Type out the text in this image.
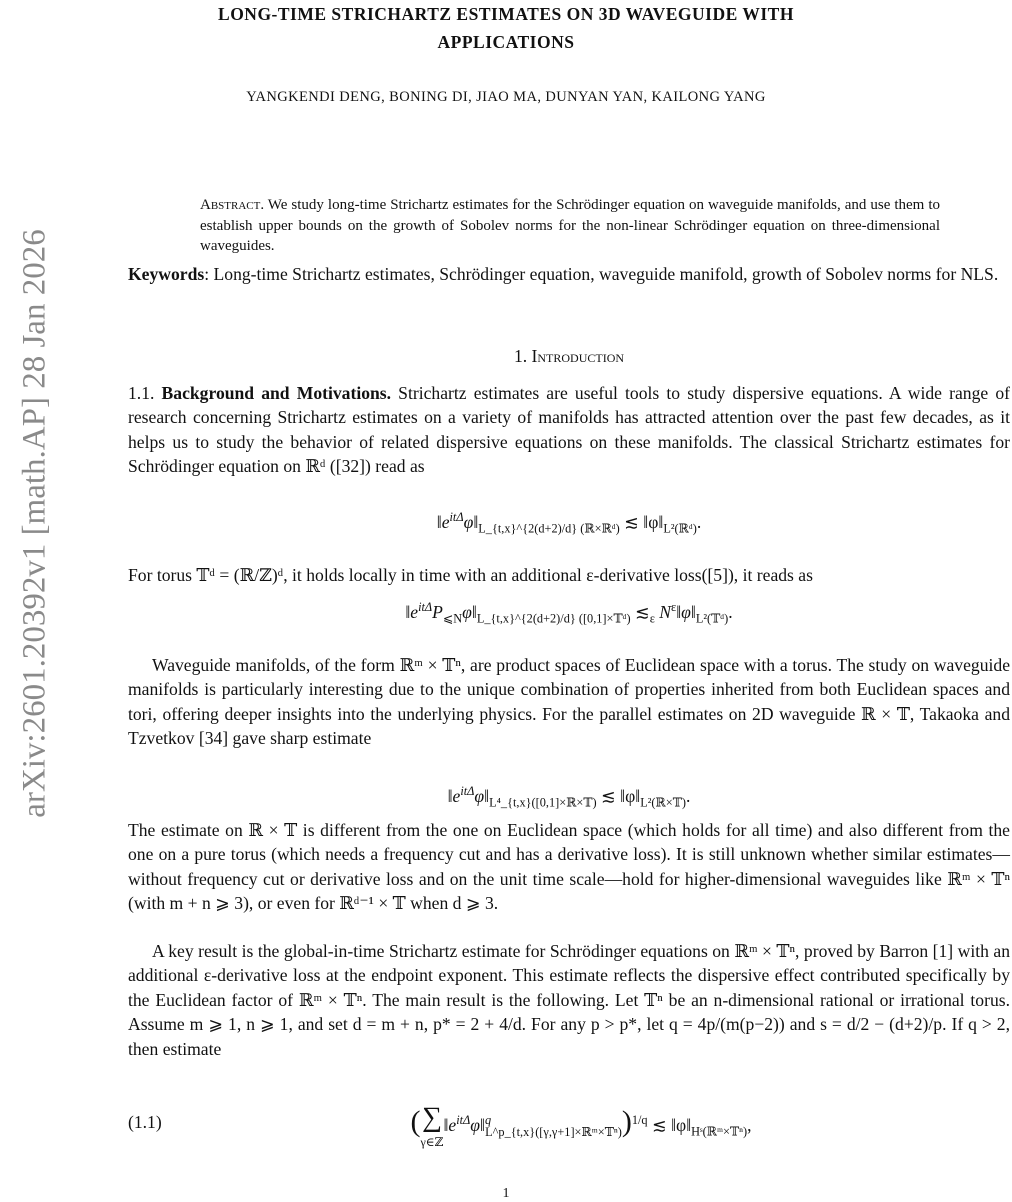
LONG-TIME STRICHARTZ ESTIMATES ON 3D WAVEGUIDE WITH
APPLICATIONS
YANGKENDI DENG, BONING DI, JIAO MA, DUNYAN YAN, KAILONG YANG
arXiv:2601.20392v1 [math.AP] 28 Jan 2026
Abstract. We study long-time Strichartz estimates for the Schrödinger equation on waveguide manifolds, and use them to establish upper bounds on the growth of Sobolev norms for the non-linear Schrödinger equation on three-dimensional waveguides.
Keywords: Long-time Strichartz estimates, Schrödinger equation, waveguide manifold, growth of Sobolev norms for NLS.
1. Introduction
1.1. Background and Motivations. Strichartz estimates are useful tools to study dispersive equations. A wide range of research concerning Strichartz estimates on a variety of manifolds has attracted attention over the past few decades, as it helps us to study the behavior of related dispersive equations on these manifolds. The classical Strichartz estimates for Schrödinger equation on ℝᵈ ([32]) read as
$‖e^{it\Delta}\varphi‖_{L\_\{t,x\}\^{}\{2(d+2)/d\} (ℝ\times ℝᵈ)}$ ≲ $‖\varphi‖_{L^2(ℝᵈ)}$.
For torus 𝕋ᵈ = (ℝ/ℤ)ᵈ, it holds locally in time with an additional ε-derivative loss([5]), it reads as
$‖e^{it\Delta}P_{⩽N}\varphi‖_{L\_\{t,x\}\^{}\{2(d+2)/d\} ([0,1]\times 𝕋ᵈ)}$ $≲_\varepsilon$ $N^\varepsilon‖\varphi‖_{L^2(𝕋ᵈ)}$.
Waveguide manifolds, of the form ℝᵐ × 𝕋ⁿ, are product spaces of Euclidean space with a torus. The study on waveguide manifolds is particularly interesting due to the unique combination of properties inherited from both Euclidean spaces and tori, offering deeper insights into the underlying physics. For the parallel estimates on 2D waveguide ℝ × 𝕋, Takaoka and Tzvetkov [34] gave sharp estimate
$‖e^{it\Delta}\varphi‖_{L^4\_\{t,x\}([0,1]\times ℝ\times 𝕋)}$ ≲ $‖\varphi‖_{L^2(ℝ\times 𝕋)}$.
The estimate on ℝ × 𝕋 is different from the one on Euclidean space (which holds for all time) and also different from the one on a pure torus (which needs a frequency cut and has a derivative loss). It is still unknown whether similar estimates—without frequency cut or derivative loss and on the unit time scale—hold for higher-dimensional waveguides like ℝᵐ × 𝕋ⁿ (with m + n ⩾ 3), or even for ℝᵈ⁻¹ × 𝕋 when d ⩾ 3.
A key result is the global-in-time Strichartz estimate for Schrödinger equations on ℝᵐ × 𝕋ⁿ, proved by Barron [1] with an additional ε-derivative loss at the endpoint exponent. This estimate reflects the dispersive effect contributed specifically by the Euclidean factor of ℝᵐ × 𝕋ⁿ. The main result is the following. Let 𝕋ⁿ be an n-dimensional rational or irrational torus. Assume m ⩾ 1, n ⩾ 1, and set d = m + n, p* = 2 + 4/d. For any p > p*, let q = 4p/(m(p−2)) and s = d/2 − (d+2)/p. If q > 2, then estimate
(1.1)	( ∑
$\gamma\in ℤ‖e^{it\Delta}\varphi‖^q_{L\^{}p\_\{t,x\}([\gamma,\gamma+1]\times ℝᵐ\times 𝕋^n)})^{1/q}$ ≲ $‖\varphi‖_{Hˢ(ℝᵐ\times 𝕋^n)}$,
1
